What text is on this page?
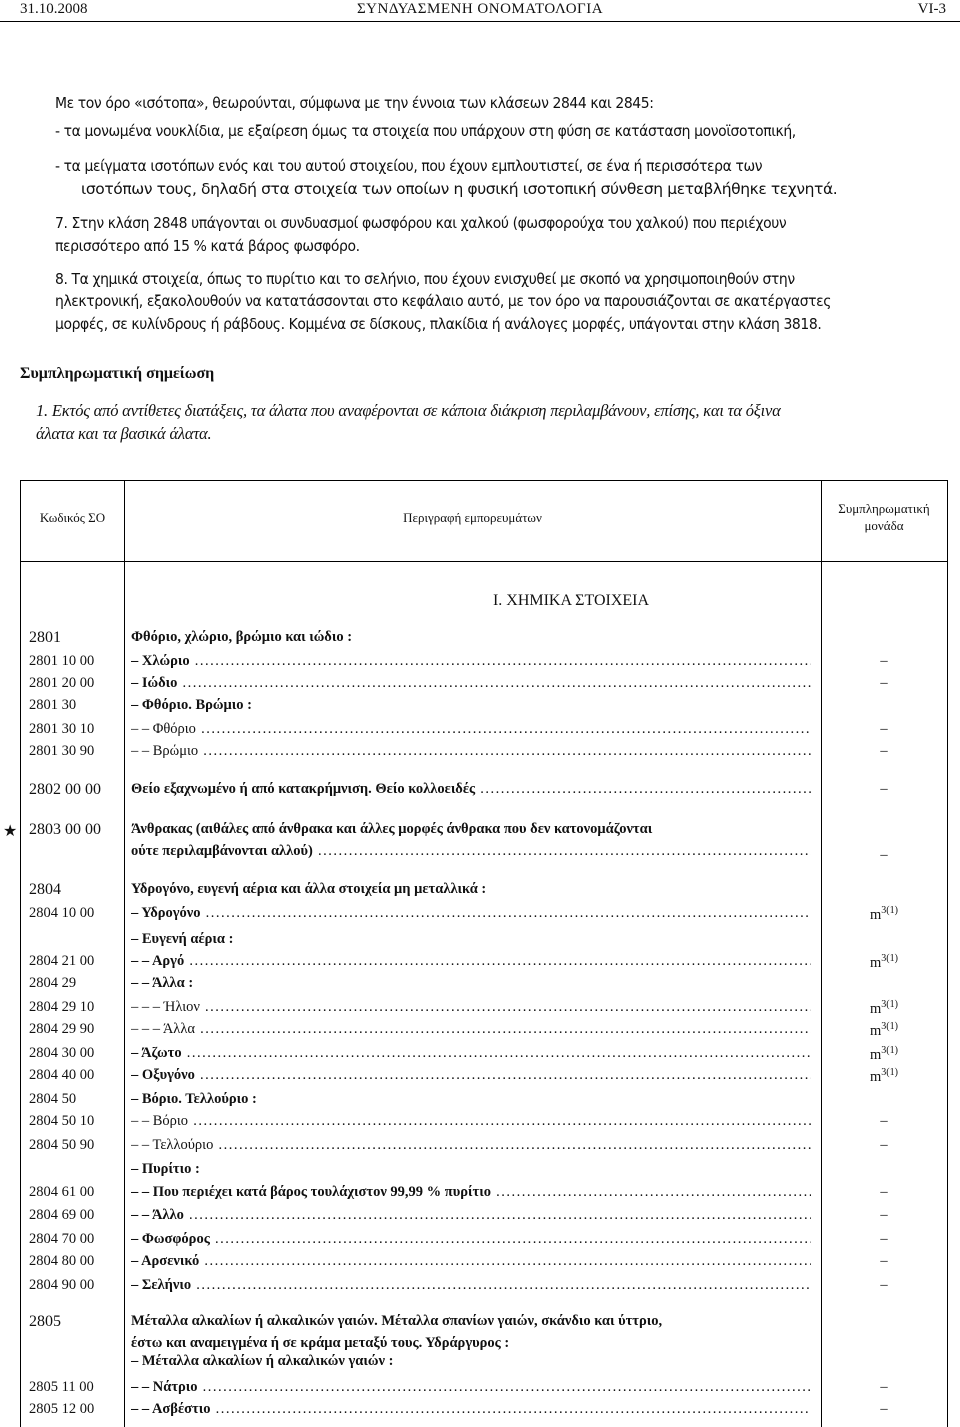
31.10.2008	ΣΥΝΔΥΑΣΜΕΝΗ ΟΝΟΜΑΤΟΛΟΓΙΑ	VI-3
Με τον όρο «ισότοπα», θεωρούνται, σύμφωνα με την έννοια των κλάσεων 2844 και 2845:
- τα μονωμένα νουκλίδια, με εξαίρεση όμως τα στοιχεία που υπάρχουν στη φύση σε κατάσταση μονοϊσοτοπική,
- τα μείγματα ισοτόπων ενός και του αυτού στοιχείου, που έχουν εμπλουτιστεί, σε ένα ή περισσότερα των
ισοτόπων τους, δηλαδή στα στοιχεία των οποίων η φυσική ισοτοπική σύνθεση μεταβλήθηκε τεχνητά.
7. Στην κλάση 2848 υπάγονται οι συνδυασμοί φωσφόρου και χαλκού (φωσφορούχα του χαλκού) που περιέχουν
περισσότερο από 15 % κατά βάρος φωσφόρο.
8. Τα χημικά στοιχεία, όπως το πυρίτιο και το σελήνιο, που έχουν ενισχυθεί με σκοπό να χρησιμοποιηθούν στην
ηλεκτρονική, εξακολουθούν να κατατάσσονται στο κεφάλαιο αυτό, με τον όρο να παρουσιάζονται σε ακατέργαστες
μορφές, σε κυλίνδρους ή ράβδους. Κομμένα σε δίσκους, πλακίδια ή ανάλογες μορφές, υπάγονται στην κλάση 3818.
Συμπληρωματική σημείωση
1. Εκτός από αντίθετες διατάξεις, τα άλατα που αναφέρονται σε κάποια διάκριση περιλαμβάνουν, επίσης, και τα όξινα
άλατα και τα βασικά άλατα.
Κωδικός ΣΟ	Περιγραφή εμπορευμάτων
Συμπληρωματική
μονάδα
I. ΧΗΜΙΚΑ ΣΤΟΙΧΕΙΑ
2801	Φθόριο, χλώριο, βρώμιο και ιώδιο :
2801 10 00	– Χλώριο .....	–
2801 20 00	– Ιώδιο .....	–
2801 30	– Φθόριο. Βρώμιο :
2801 30 10	– – Φθόριο .....	–
2801 30 90	– – Βρώμιο .....	–
2802 00 00 Θείο εξαχνωμένο ή από κατακρήμνιση. Θείο κολλοειδές .....	–
★ 2803 00 00 Άνθρακας (αιθάλες από άνθρακα και άλλες μορφές άνθρακα που δεν κατονομάζονται
ούτε περιλαμβάνονται αλλού) .....	–
2804	Υδρογόνο, ευγενή αέρια και άλλα στοιχεία μη μεταλλικά :
2804 10 00	– Υδρογόνο .....	$m^{3(1)}$
– Ευγενή αέρια :
2804 21 00	– – Αργό .....	$m^{3(1)}$
2804 29	– – Άλλα :
2804 29 10	– – – Ήλιον .....	$m^{3(1)}$
2804 29 90	– – – Άλλα .....	$m^{3(1)}$
2804 30 00	– Άζωτο .....	$m^{3(1)}$
2804 40 00	– Οξυγόνο .....	$m^{3(1)}$
2804 50	– Βόριο. Τελλούριο :
2804 50 10	– – Βόριο .....	–
2804 50 90	– – Τελλούριο .....	–
– Πυρίτιο :
2804 61 00	– – Που περιέχει κατά βάρος τουλάχιστον 99,99 % πυρίτιο .....	–
2804 69 00	– – Άλλο .....	–
2804 70 00	– Φωσφόρος .....	–
2804 80 00	– Αρσενικό .....	–
2804 90 00	– Σελήνιο .....	–
2805	Μέταλλα αλκαλίων ή αλκαλικών γαιών. Μέταλλα σπανίων γαιών, σκάνδιο και ύττριο,
έστω και αναμειγμένα ή σε κράμα μεταξύ τους. Υδράργυρος :
– Μέταλλα αλκαλίων ή αλκαλικών γαιών :
2805 11 00	– – Νάτριο .....	–
2805 12 00	– – Ασβέστιο .....	–
